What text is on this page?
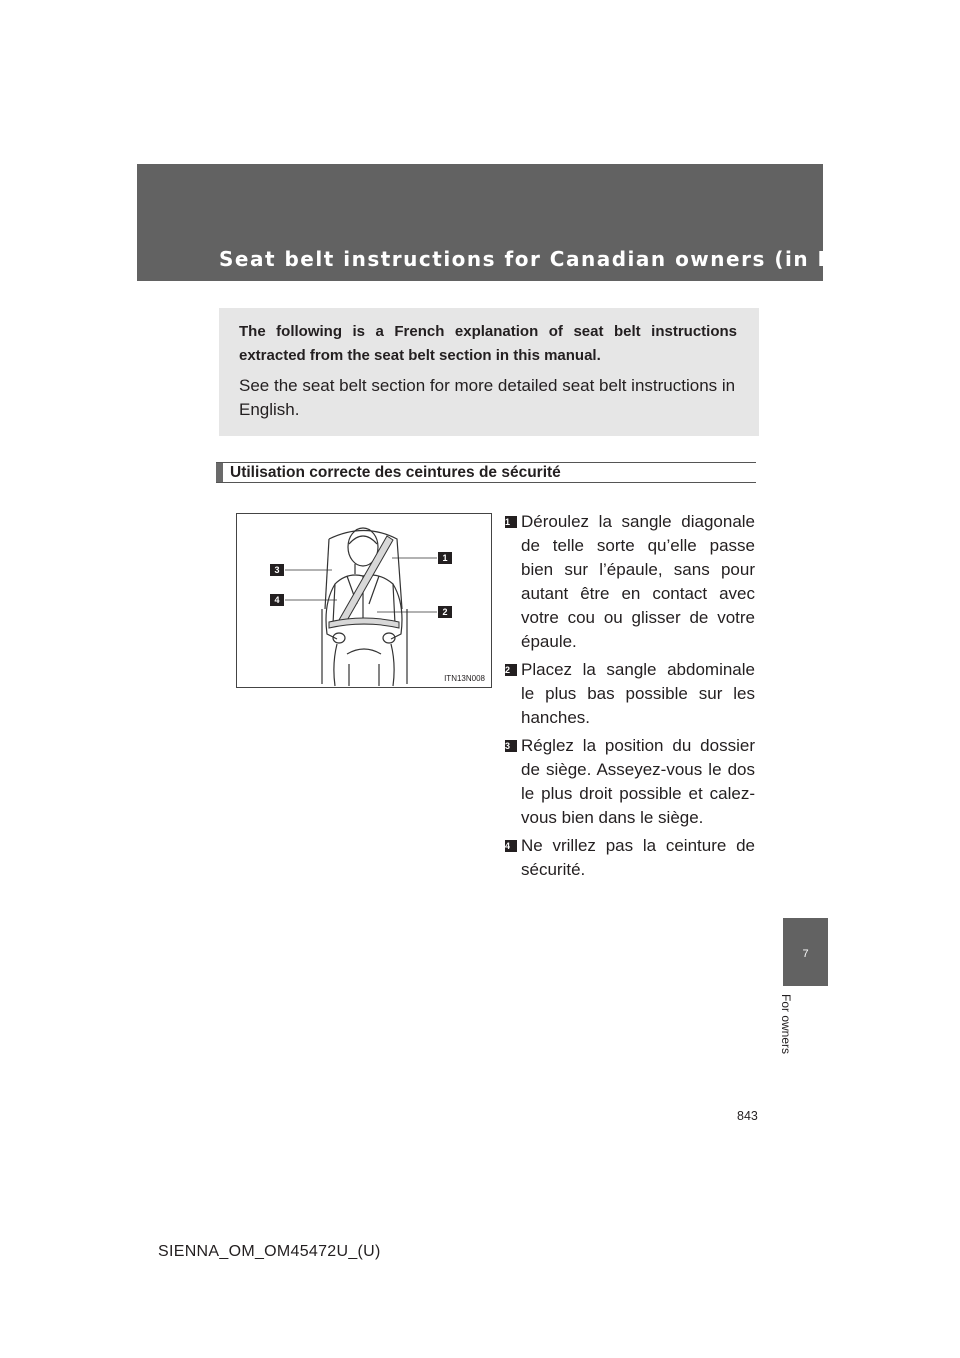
Seat belt instructions for Canadian owners (in French)

The following is a French explanation of seat belt instructions extracted from the seat belt section in this manual.

See the seat belt section for more detailed seat belt instructions in English.

Utilisation correcte des ceintures de sécurité
3
4
1
2
ITN13N008
1 Déroulez la sangle diagonale de telle sorte qu’elle passe bien sur l’épaule, sans pour autant être en contact avec votre cou ou glisser de votre épaule.
2 Placez la sangle abdominale le plus bas possible sur les hanches.
3 Réglez la position du dossier de siège. Asseyez-vous le dos le plus droit possible et calez-vous bien dans le siège.
4 Ne vrillez pas la ceinture de sécurité.
7
For owners
843
SIENNA_OM_OM45472U_(U)
